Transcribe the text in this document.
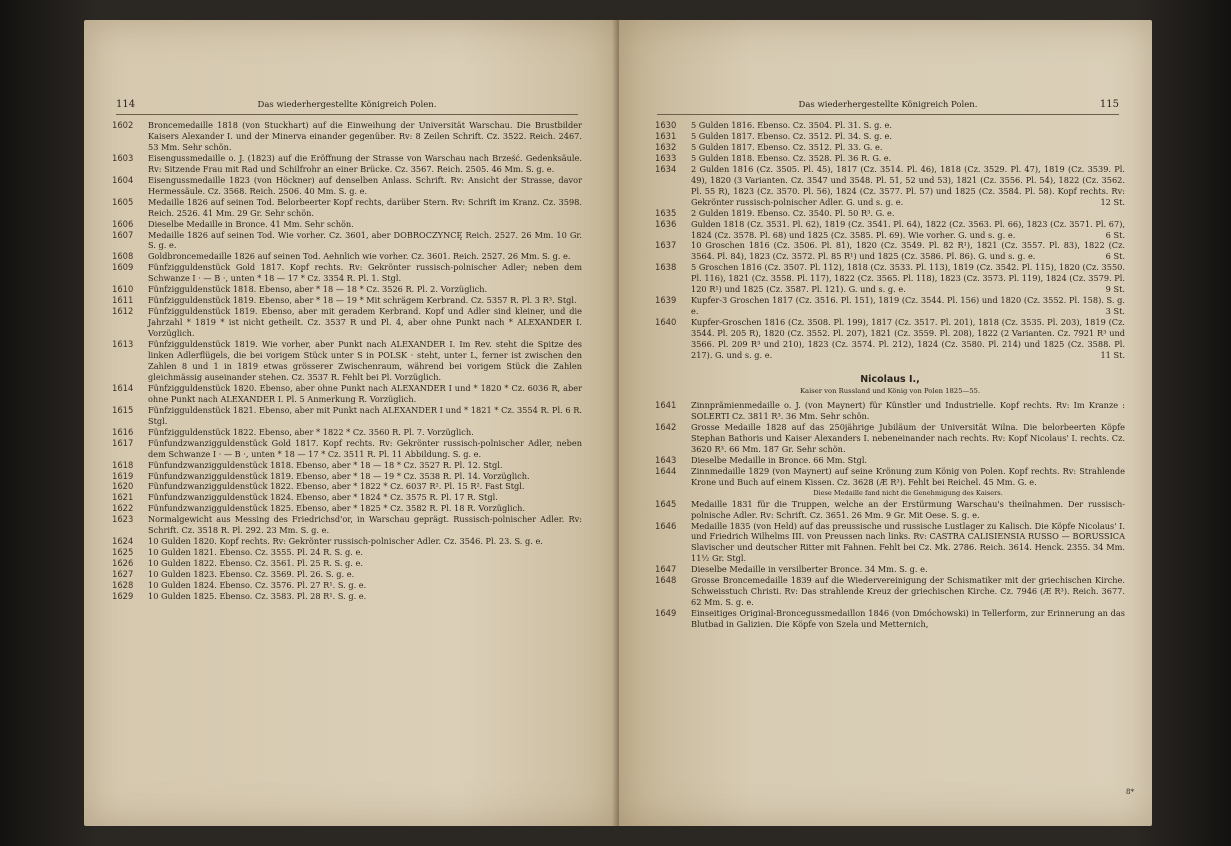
114	Das wiederhergestellte Königreich Polen.

1602	Broncemedaille 1818 (von Stuckhart) auf die Einweihung der Universität Warschau. Die Brustbilder Kaisers Alexander I. und der Minerva einander gegenüber. Rv: 8 Zeilen Schrift. Cz. 3522. Reich. 2467. 53 Mm. Sehr schön.

1603	Eisengussmedaille o. J. (1823) auf die Eröffnung der Strasse von Warschau nach Brześć. Gedenksäule. Rv: Sitzende Frau mit Rad und Schilfrohr an einer Brücke. Cz. 3567. Reich. 2505. 46 Mm. S. g. e.

1604	Eisengussmedaille 1823 (von Höckner) auf denselben Anlass. Schrift. Rv: Ansicht der Strasse, davor Hermessäule. Cz. 3568. Reich. 2506. 40 Mm. S. g. e.

1605	Medaille 1826 auf seinen Tod. Belorbeerter Kopf rechts, darüber Stern. Rv: Schrift im Kranz. Cz. 3598. Reich. 2526. 41 Mm. 29 Gr. Sehr schön.

1606	Dieselbe Medaille in Bronce. 41 Mm. Sehr schön.

1607	Medaille 1826 auf seinen Tod. Wie vorher. Cz. 3601, aber DOBROCZYNCĘ Reich. 2527. 26 Mm. 10 Gr. S. g. e.

1608	Goldbroncemedaille 1826 auf seinen Tod. Aehnlich wie vorher. Cz. 3601. Reich. 2527. 26 Mm. S. g. e.

1609	Fünfzigguldenstück Gold 1817. Kopf rechts. Rv: Gekrönter russisch-polnischer Adler; neben dem Schwanze I · — B ·, unten * 18 — 17 * Cz. 3354 R. Pl. 1. Stgl.

1610	Fünfzigguldenstück 1818. Ebenso, aber * 18 — 18 * Cz. 3526 R. Pl. 2. Vorzüglich.

1611	Fünfzigguldenstück 1819. Ebenso, aber * 18 — 19 * Mit schrägem Kerbrand. Cz. 5357 R. Pl. 3 R³. Stgl.

1612	Fünfzigguldenstück 1819. Ebenso, aber mit geradem Kerbrand. Kopf und Adler sind kleiner, und die Jahrzahl * 1819 * ist nicht getheilt. Cz. 3537 R und Pl. 4, aber ohne Punkt nach * ALEXANDER I. Vorzüglich.

1613	Fünfzigguldenstück 1819. Wie vorher, aber Punkt nach ALEXANDER I. Im Rev. steht die Spitze des linken Adlerflügels, die bei vorigem Stück unter S in POLSK · steht, unter L, ferner ist zwischen den Zahlen 8 und 1 in 1819 etwas grösserer Zwischenraum, während bei vorigem Stück die Zahlen gleichmässig auseinander stehen. Cz. 3537 R. Fehlt bei Pl. Vorzüglich.

1614	Fünfzigguldenstück 1820. Ebenso, aber ohne Punkt nach ALEXANDER I und * 1820 * Cz. 6036 R, aber ohne Punkt nach ALEXANDER I. Pl. 5 Anmerkung R. Vorzüglich.

1615	Fünfzigguldenstück 1821. Ebenso, aber mit Punkt nach ALEXANDER I und * 1821 * Cz. 3554 R. Pl. 6 R. Stgl.

1616	Fünfzigguldenstück 1822. Ebenso, aber * 1822 * Cz. 3560 R. Pl. 7. Vorzüglich.

1617	Fünfundzwanzigguldenstück Gold 1817. Kopf rechts. Rv: Gekrönter russisch-polnischer Adler, neben dem Schwanze I · — B ·, unten * 18 — 17 * Cz. 3511 R. Pl. 11 Abbildung. S. g. e.

1618	Fünfundzwanzigguldenstück 1818. Ebenso, aber * 18 — 18 * Cz. 3527 R. Pl. 12. Stgl.

1619	Fünfundzwanzigguldenstück 1819. Ebenso, aber * 18 — 19 * Cz. 3538 R. Pl. 14. Vorzüglich.

1620	Fünfundzwanzigguldenstück 1822. Ebenso, aber * 1822 * Cz. 6037 R². Pl. 15 R². Fast Stgl.

1621	Fünfundzwanzigguldenstück 1824. Ebenso, aber * 1824 * Cz. 3575 R. Pl. 17 R. Stgl.

1622	Fünfundzwanzigguldenstück 1825. Ebenso, aber * 1825 * Cz. 3582 R. Pl. 18 R. Vorzüglich.

1623	Normalgewicht aus Messing des Friedrichsd'or, in Warschau geprägt. Russisch-polnischer Adler. Rv: Schrift. Cz. 3518 R. Pl. 292. 23 Mm. S. g. e.

1624	10 Gulden 1820. Kopf rechts. Rv: Gekrönter russisch-polnischer Adler. Cz. 3546. Pl. 23. S. g. e.

1625	10 Gulden 1821. Ebenso. Cz. 3555. Pl. 24 R. S. g. e.

1626	10 Gulden 1822. Ebenso. Cz. 3561. Pl. 25 R. S. g. e.

1627	10 Gulden 1823. Ebenso. Cz. 3569. Pl. 26. S. g. e.

1628	10 Gulden 1824. Ebenso. Cz. 3576. Pl. 27 R¹. S. g. e.

1629	10 Gulden 1825. Ebenso. Cz. 3583. Pl. 28 R¹. S. g. e.

Das wiederhergestellte Königreich Polen.	115

1630	5 Gulden 1816. Ebenso. Cz. 3504. Pl. 31. S. g. e.

1631	5 Gulden 1817. Ebenso. Cz. 3512. Pl. 34. S. g. e.

1632	5 Gulden 1817. Ebenso. Cz. 3512. Pl. 33. G. e.

1633	5 Gulden 1818. Ebenso. Cz. 3528. Pl. 36 R. G. e.

1634	2 Gulden 1816 (Cz. 3505. Pl. 45), 1817 (Cz. 3514. Pl. 46), 1818 (Cz. 3529. Pl. 47), 1819 (Cz. 3539. Pl. 49), 1820 (3 Varianten. Cz. 3547 und 3548. Pl. 51, 52 und 53), 1821 (Cz. 3556. Pl. 54), 1822 (Cz. 3562. Pl. 55 R), 1823 (Cz. 3570. Pl. 56), 1824 (Cz. 3577. Pl. 57) und 1825 (Cz. 3584. Pl. 58). Kopf rechts. Rv: Gekrönter russisch-polnischer Adler. G. und s. g. e.	12 St.

1635	2 Gulden 1819. Ebenso. Cz. 3540. Pl. 50 R³. G. e.

1636	Gulden 1818 (Cz. 3531. Pl. 62), 1819 (Cz. 3541. Pl. 64), 1822 (Cz. 3563. Pl. 66), 1823 (Cz. 3571. Pl. 67), 1824 (Cz. 3578. Pl. 68) und 1825 (Cz. 3585. Pl. 69). Wie vorher. G. und s. g. e.	6 St.

1637	10 Groschen 1816 (Cz. 3506. Pl. 81), 1820 (Cz. 3549. Pl. 82 R¹), 1821 (Cz. 3557. Pl. 83), 1822 (Cz. 3564. Pl. 84), 1823 (Cz. 3572. Pl. 85 R¹) und 1825 (Cz. 3586. Pl. 86). G. und s. g. e.	6 St.

1638	5 Groschen 1816 (Cz. 3507. Pl. 112), 1818 (Cz. 3533. Pl. 113), 1819 (Cz. 3542. Pl. 115), 1820 (Cz. 3550. Pl. 116), 1821 (Cz. 3558. Pl. 117), 1822 (Cz. 3565. Pl. 118), 1823 (Cz. 3573. Pl. 119), 1824 (Cz. 3579. Pl. 120 R¹) und 1825 (Cz. 3587. Pl. 121). G. und s. g. e.	9 St.

1639	Kupfer-3 Groschen 1817 (Cz. 3516. Pl. 151), 1819 (Cz. 3544. Pl. 156) und 1820 (Cz. 3552. Pl. 158). S. g. e.	3 St.

1640	Kupfer-Groschen 1816 (Cz. 3508. Pl. 199), 1817 (Cz. 3517. Pl. 201), 1818 (Cz. 3535. Pl. 203), 1819 (Cz. 3544. Pl. 205 R), 1820 (Cz. 3552. Pl. 207), 1821 (Cz. 3559. Pl. 208), 1822 (2 Varianten. Cz. 7921 R³ und 3566. Pl. 209 R³ und 210), 1823 (Cz. 3574. Pl. 212), 1824 (Cz. 3580. Pl. 214) und 1825 (Cz. 3588. Pl. 217). G. und s. g. e.	11 St.

Nicolaus I.,
Kaiser von Russland und König von Polen 1825—55.

1641	Zinnprämienmedaille o. J. (von Maynert) für Künstler und Industrielle. Kopf rechts. Rv: Im Kranze : SOLERTI Cz. 3811 R³. 36 Mm. Sehr schön.

1642	Grosse Medaille 1828 auf das 250jährige Jubiläum der Universität Wilna. Die belorbeerten Köpfe Stephan Bathoris und Kaiser Alexanders I. nebeneinander nach rechts. Rv: Kopf Nicolaus' I. rechts. Cz. 3620 R³. 66 Mm. 187 Gr. Sehr schön.

1643	Dieselbe Medaille in Bronce. 66 Mm. Stgl.

1644	Zinnmedaille 1829 (von Maynert) auf seine Krönung zum König von Polen. Kopf rechts. Rv: Strahlende Krone und Buch auf einem Kissen. Cz. 3628 (Æ R³). Fehlt bei Reichel. 45 Mm. G. e.

Diese Medaille fand nicht die Genehmigung des Kaisers.

1645	Medaille 1831 für die Truppen, welche an der Erstürmung Warschau's theilnahmen. Der russisch-polnische Adler. Rv: Schrift. Cz. 3651. 26 Mm. 9 Gr. Mit Oese. S. g. e.

1646	Medaille 1835 (von Held) auf das preussische und russische Lustlager zu Kalisch. Die Köpfe Nicolaus' I. und Friedrich Wilhelms III. von Preussen nach links. Rv: CASTRA CALISIENSIA RUSSO — BORUSSICA Slavischer und deutscher Ritter mit Fahnen. Fehlt bei Cz. Mk. 2786. Reich. 3614. Henck. 2355. 34 Mm. 11½ Gr. Stgl.

1647	Dieselbe Medaille in versilberter Bronce. 34 Mm. S. g. e.

1648	Grosse Broncemedaille 1839 auf die Wiedervereinigung der Schismatiker mit der griechischen Kirche. Schweisstuch Christi. Rv: Das strahlende Kreuz der griechischen Kirche. Cz. 7946 (Æ R³). Reich. 3677. 62 Mm. S. g. e.

1649	Einseitiges Original-Broncegussmedaillon 1846 (von Dmóchowski) in Tellerform, zur Erinnerung an das Blutbad in Galizien. Die Köpfe von Szela und Metternich,

8*
